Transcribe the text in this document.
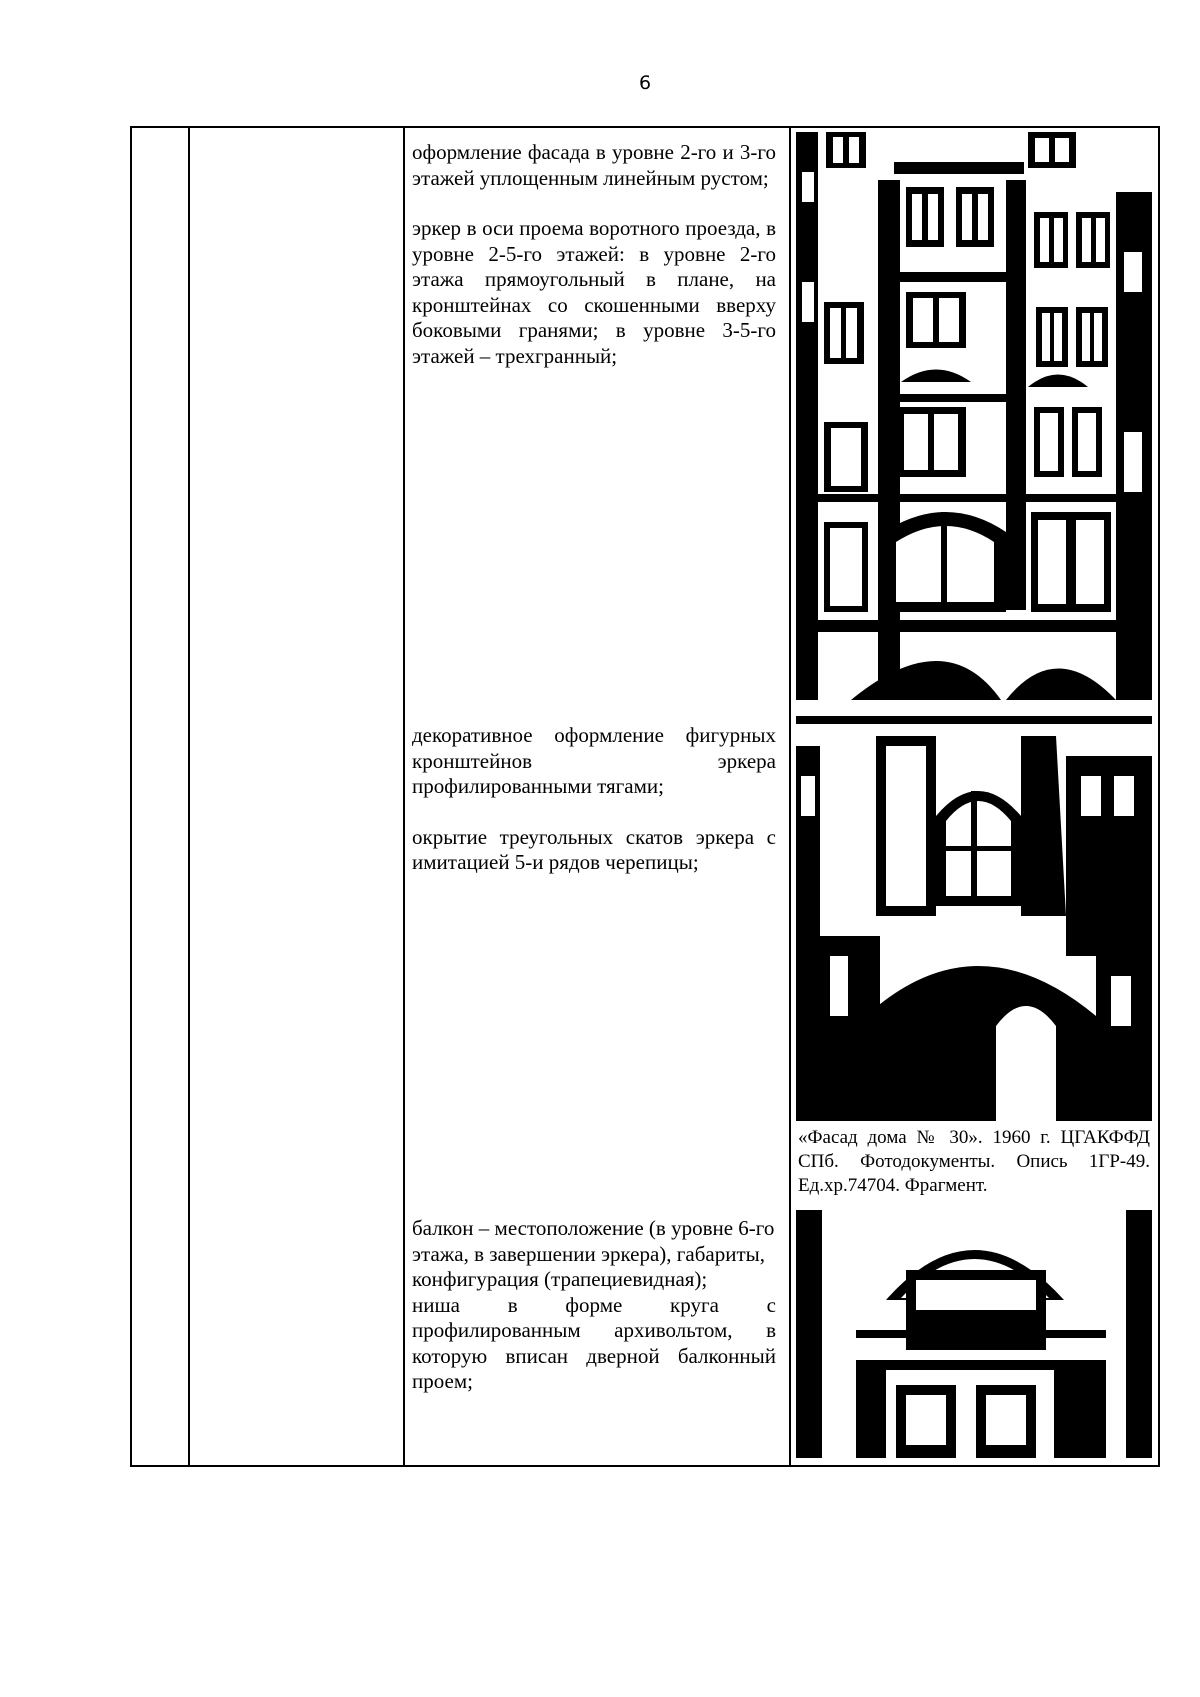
6

оформление фасада в уровне 2-го и 3-го этажей уплощенным линейным рустом;

эркер в оси проема воротного проезда, в уровне 2-5-го этажей: в уровне 2-го этажа прямоугольный в плане, на кронштейнах со скошенными вверху боковыми гранями; в уровне 3-5-го этажей – трехгранный;

декоративное оформление фигурных кронштейнов эркера профилированными тягами;

окрытие треугольных скатов эркера с имитацией 5-и рядов черепицы;

«Фасад дома № 30». 1960 г. ЦГАКФФД СПб. Фотодокументы. Опись 1ГР-49. Ед.хр.74704. Фрагмент.

балкон – местоположение (в уровне 6-го этажа, в завершении эркера), габариты, конфигурация (трапециевидная);

ниша в форме круга с профилированным архивольтом, в которую вписан дверной балконный проем;
